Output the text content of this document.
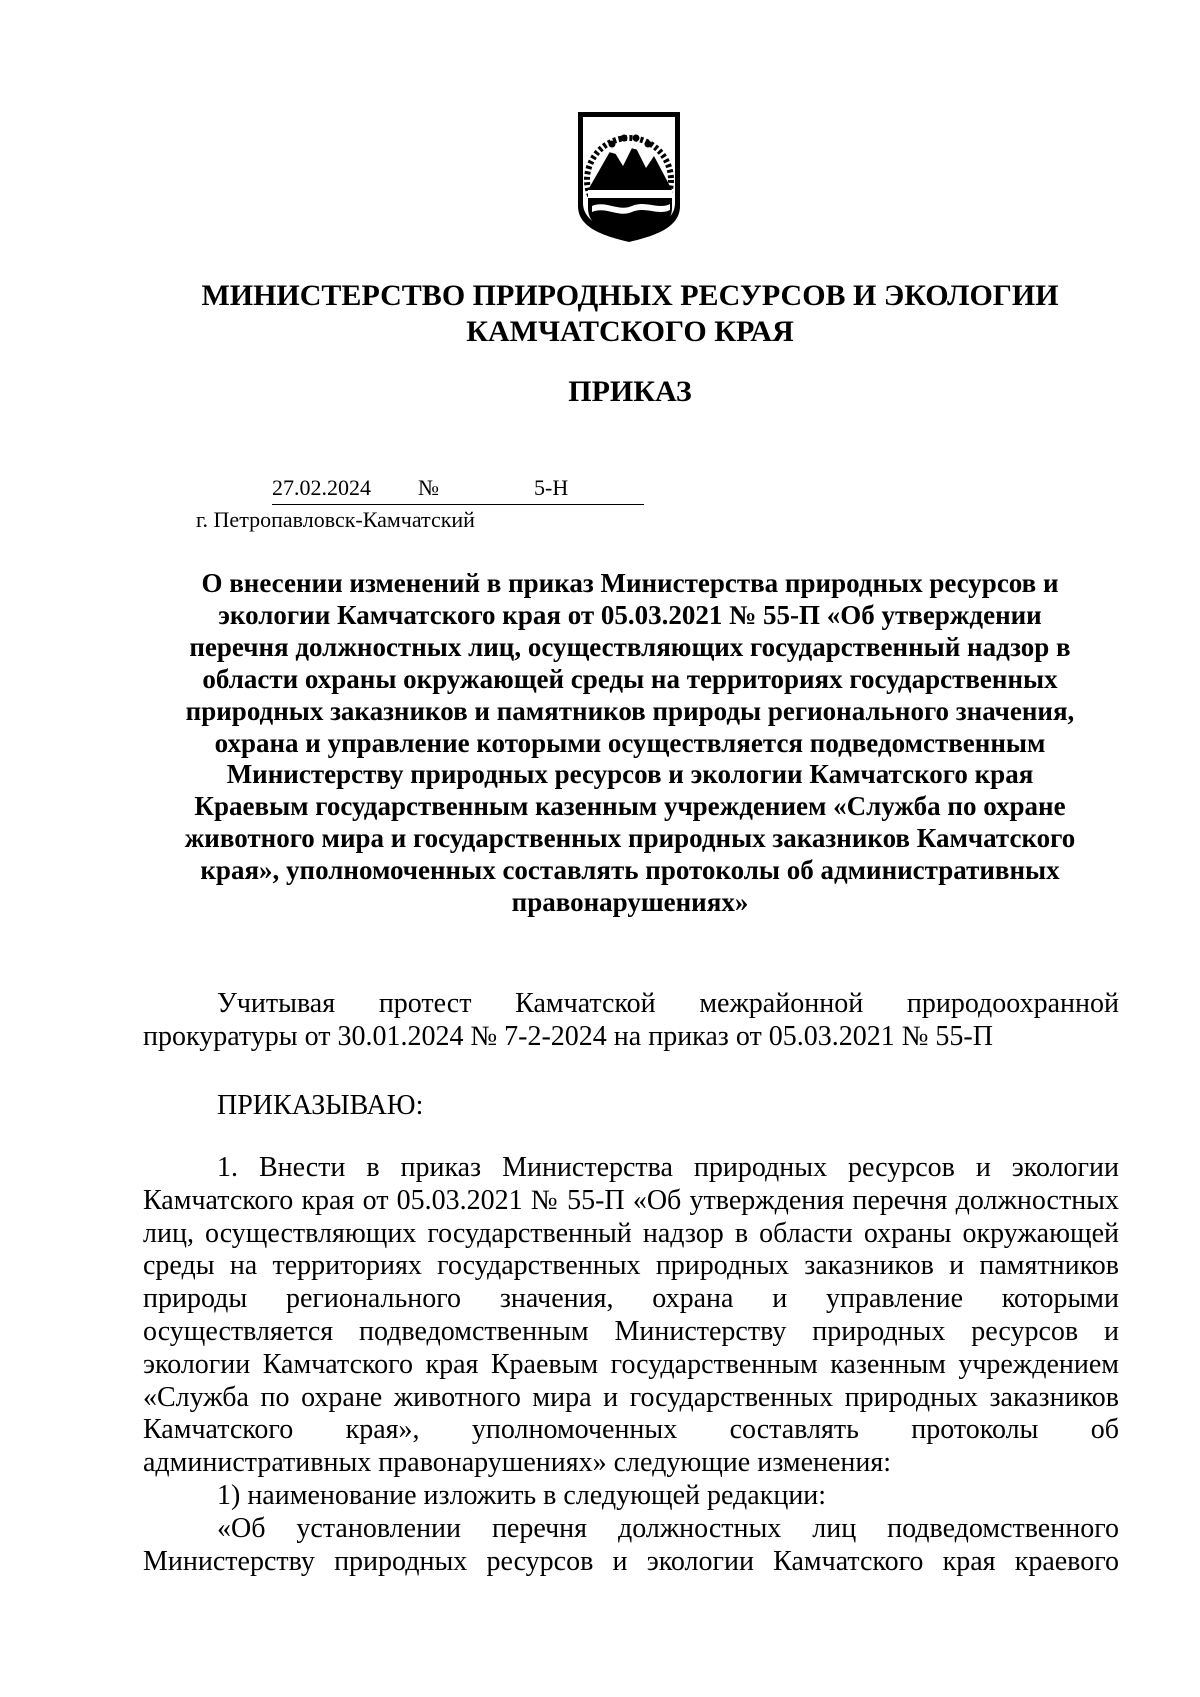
МИНИСТЕРСТВО ПРИРОДНЫХ РЕСУРСОВ И ЭКОЛОГИИ
КАМЧАТСКОГО КРАЯ
ПРИКАЗ
27.02.2024 №	5-Н
г. Петропавловск-Камчатский
О внесении изменений в приказ Министерства природных ресурсов и
экологии Камчатского края от 05.03.2021 № 55-П «Об утверждении
перечня должностных лиц, осуществляющих государственный надзор в
области охраны окружающей среды на территориях государственных
природных заказников и памятников природы регионального значения,
охрана и управление которыми осуществляется подведомственным
Министерству природных ресурсов и экологии Камчатского края
Краевым государственным казенным учреждением «Служба по охране
животного мира и государственных природных заказников Камчатского
края», уполномоченных составлять протоколы об административных
правонарушениях»
Учитывая протест Камчатской межрайонной природоохранной
прокуратуры от 30.01.2024 № 7-2-2024 на приказ от 05.03.2021 № 55-П
ПРИКАЗЫВАЮ:
1. Внести в приказ Министерства природных ресурсов и экологии
Камчатского края от 05.03.2021 № 55-П «Об утверждения перечня должностных
лиц, осуществляющих государственный надзор в области охраны окружающей
среды на территориях государственных природных заказников и памятников
природы регионального значения, охрана и управление которыми
осуществляется подведомственным Министерству природных ресурсов и
экологии Камчатского края Краевым государственным казенным учреждением
«Служба по охране животного мира и государственных природных заказников
Камчатского края», уполномоченных составлять протоколы об
административных правонарушениях» следующие изменения:
1) наименование изложить в следующей редакции:
«Об установлении перечня должностных лиц подведомственного
Министерству природных ресурсов и экологии Камчатского края краевого
